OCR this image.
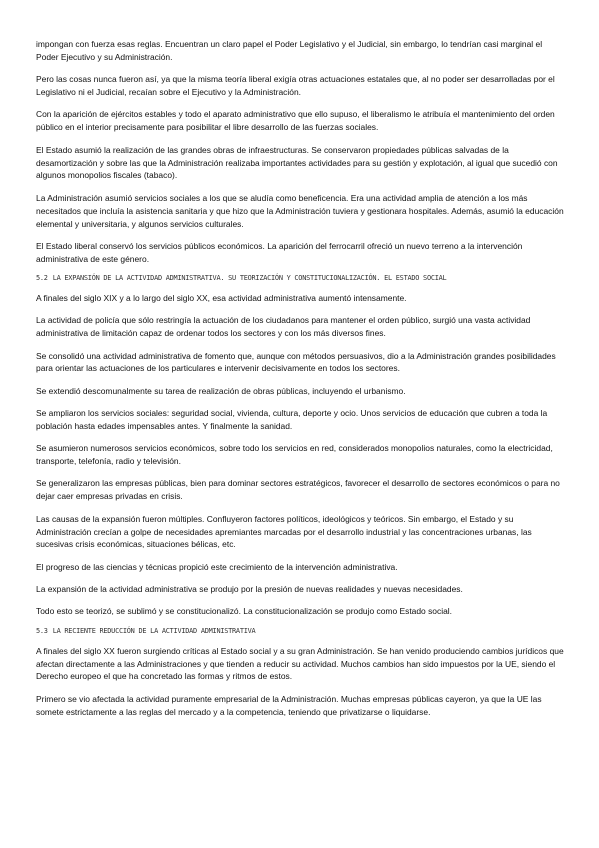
impongan con fuerza esas reglas. Encuentran un claro papel el Poder Legislativo y el Judicial, sin embargo, lo tendrían casi marginal el Poder Ejecutivo y su Administración.

Pero las cosas nunca fueron así, ya que la misma teoría liberal exigía otras actuaciones estatales que, al no poder ser desarrolladas por el Legislativo ni el Judicial, recaían sobre el Ejecutivo y la Administración.

Con la aparición de ejércitos estables y todo el aparato administrativo que ello supuso, el liberalismo le atribuía el mantenimiento del orden público en el interior precisamente para posibilitar el libre desarrollo de las fuerzas sociales.

El Estado asumió la realización de las grandes obras de infraestructuras. Se conservaron propiedades públicas salvadas de la desamortización y sobre las que la Administración realizaba importantes actividades para su gestión y explotación, al igual que sucedió con algunos monopolios fiscales (tabaco).

La Administración asumió servicios sociales a los que se aludía como beneficencia. Era una actividad amplia de atención a los más necesitados que incluía la asistencia sanitaria y que hizo que la Administración tuviera y gestionara hospitales. Además, asumió la educación elemental y universitaria, y algunos servicios culturales.

El Estado liberal conservó los servicios públicos económicos. La aparición del ferrocarril ofreció un nuevo terreno a la intervención administrativa de este género.

5.2 LA EXPANSIÓN DE LA ACTIVIDAD ADMINISTRATIVA. SU TEORIZACIÓN Y CONSTITUCIONALIZACIÓN. EL ESTADO SOCIAL

A finales del siglo XIX y a lo largo del siglo XX, esa actividad administrativa aumentó intensamente.

La actividad de policía que sólo restringía la actuación de los ciudadanos para mantener el orden público, surgió una vasta actividad administrativa de limitación capaz de ordenar todos los sectores y con los más diversos fines.

Se consolidó una actividad administrativa de fomento que, aunque con métodos persuasivos, dio a la Administración grandes posibilidades para orientar las actuaciones de los particulares e intervenir decisivamente en todos los sectores.

Se extendió descomunalmente su tarea de realización de obras públicas, incluyendo el urbanismo.

Se ampliaron los servicios sociales: seguridad social, vivienda, cultura, deporte y ocio. Unos servicios de educación que cubren a toda la población hasta edades impensables antes. Y finalmente la sanidad.

Se asumieron numerosos servicios económicos, sobre todo los servicios en red, considerados monopolios naturales, como la electricidad, transporte, telefonía, radio y televisión.

Se generalizaron las empresas públicas, bien para dominar sectores estratégicos, favorecer el desarrollo de sectores económicos o para no dejar caer empresas privadas en crisis.

Las causas de la expansión fueron múltiples. Confluyeron factores políticos, ideológicos y teóricos. Sin embargo, el Estado y su Administración crecían a golpe de necesidades apremiantes marcadas por el desarrollo industrial y las concentraciones urbanas, las sucesivas crisis económicas, situaciones bélicas, etc.

El progreso de las ciencias y técnicas propició este crecimiento de la intervención administrativa.

La expansión de la actividad administrativa se produjo por la presión de nuevas realidades y nuevas necesidades.

Todo esto se teorizó, se sublimó y se constitucionalizó. La constitucionalización se produjo como Estado social.

5.3 LA RECIENTE REDUCCIÓN DE LA ACTIVIDAD ADMINISTRATIVA

A finales del siglo XX fueron surgiendo críticas al Estado social y a su gran Administración. Se han venido produciendo cambios jurídicos que afectan directamente a las Administraciones y que tienden a reducir su actividad. Muchos cambios han sido impuestos por la UE, siendo el Derecho europeo el que ha concretado las formas y ritmos de estos.

Primero se vio afectada la actividad puramente empresarial de la Administración. Muchas empresas públicas cayeron, ya que la UE las somete estrictamente a las reglas del mercado y a la competencia, teniendo que privatizarse o liquidarse.
